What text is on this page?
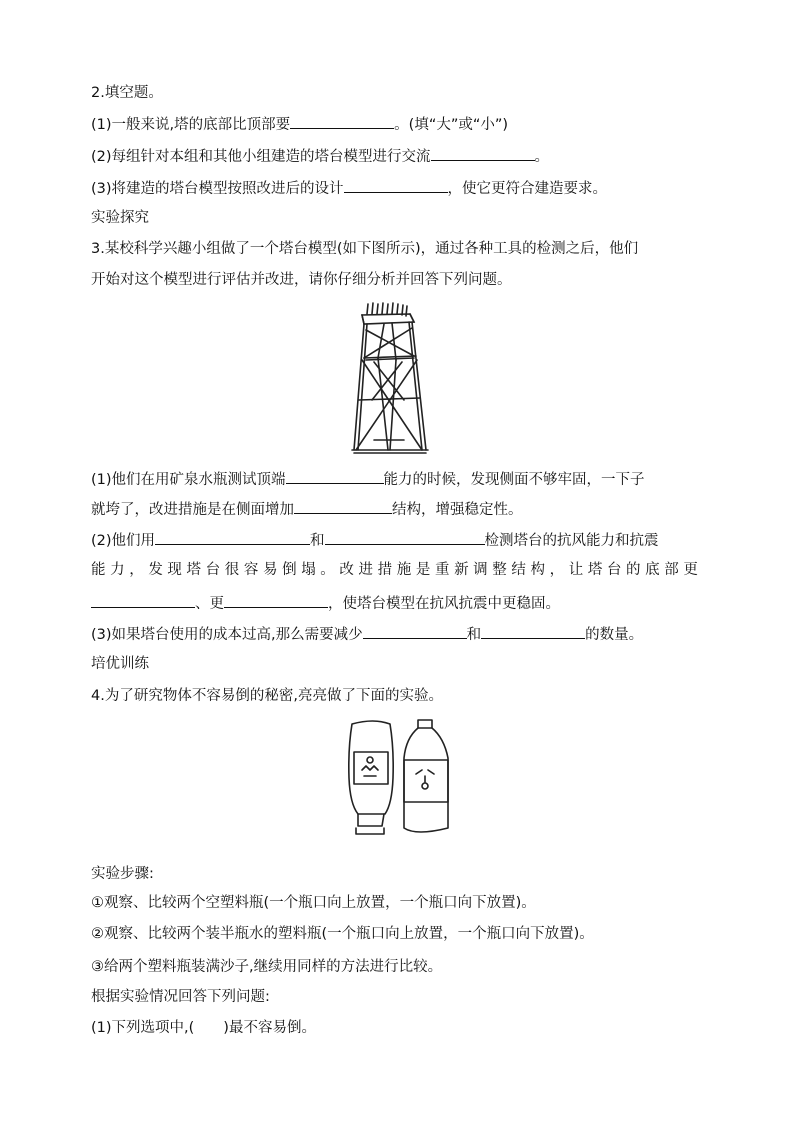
2.填空题。
(1)一般来说,塔的底部比顶部要	。(填“大”或“小”)
(2)每组针对本组和其他小组建造的塔台模型进行交流	。
(3)将建造的塔台模型按照改进后的设计	，使它更符合建造要求。
实验探究
3.某校科学兴趣小组做了一个塔台模型(如下图所示)，通过各种工具的检测之后，他们
开始对这个模型进行评估并改进，请你仔细分析并回答下列问题。
(1)他们在用矿泉水瓶测试顶端	能力的时候，发现侧面不够牢固，一下子
就垮了，改进措施是在侧面增加	结构，增强稳定性。
(2)他们用	和	检测塔台的抗风能力和抗震
能 力 ， 发 现 塔 台 很 容 易 倒 塌 。 改 进 措 施 是 重 新 调 整 结 构 ， 让 塔 台 的 底 部 更
、更	，使塔台模型在抗风抗震中更稳固。
(3)如果塔台使用的成本过高,那么需要减少	和	的数量。
培优训练
4.为了研究物体不容易倒的秘密,亮亮做了下面的实验。
实验步骤:
①观察、比较两个空塑料瓶(一个瓶口向上放置，一个瓶口向下放置)。
②观察、比较两个装半瓶水的塑料瓶(一个瓶口向上放置，一个瓶口向下放置)。
③给两个塑料瓶装满沙子,继续用同样的方法进行比较。
根据实验情况回答下列问题:
(1)下列选项中,(　　)最不容易倒。
